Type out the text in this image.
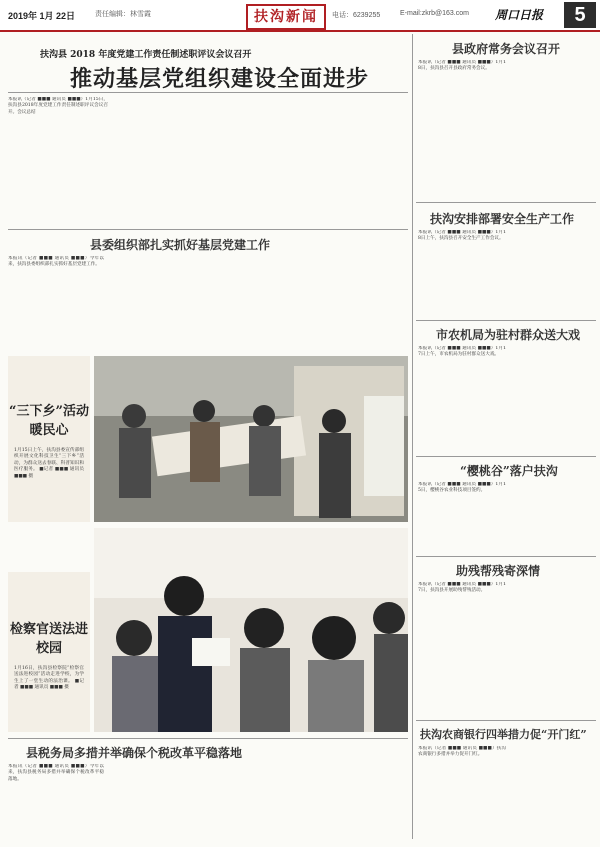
2019年 1月 22日	责任编辑：林雪霞	扶沟新闻	电话：6239255	E-mail:zkrb@163.com 周口日报	5
扶沟县 2018 年度党建工作责任制述职评议会议召开
推动基层党组织建设全面进步
本报讯（记者 ■■■ 通讯员 ■■■）1月15日，扶沟县2018年度党建工作责任制述职评议会议召开。会议总结
县委组织部扎实抓好基层党建工作
本报讯（记者 ■■■ 通讯员 ■■■）今年以来，扶沟县委组织部扎实抓好基层党建工作。
“三下乡”活动暖民心
1月15日上午，扶沟县委宣传部组织开展文化科技卫生“三下乡”活动，为群众送去春联、科普知识和医疗服务。 ■记者 ■■■ 通讯员 ■■■ 摄
检察官送法进校园
1月16日，扶沟县检察院“检察官送法进校园”活动走进学校，为学生上了一堂生动的法治课。 ■记者 ■■■ 通讯员 ■■■ 摄
县税务局多措并举确保个税改革平稳落地
本报讯（记者 ■■■ 通讯员 ■■■）今年以来，扶沟县税务局多措并举确保个税改革平稳落地。
县政府常务会议召开
本报讯（记者 ■■■ 通讯员 ■■■）1月18日，扶沟县召开县政府常务会议。
扶沟安排部署安全生产工作
本报讯（记者 ■■■ 通讯员 ■■■）1月18日上午，扶沟县召开安全生产工作会议。
市农机局为驻村群众送大戏
本报讯（记者 ■■■ 通讯员 ■■■）1月17日上午，市农机局为驻村群众送大戏。
“樱桃谷”落户扶沟
本报讯（记者 ■■■ 通讯员 ■■■）1月15日，樱桃谷农业科技项目签约。
助残帮残寄深情
本报讯（记者 ■■■ 通讯员 ■■■）1月17日，扶沟县开展助残帮残活动。
扶沟农商银行四举措力促“开门红”
本报讯（记者 ■■■ 通讯员 ■■■）扶沟农商银行多措并举力促开门红。
